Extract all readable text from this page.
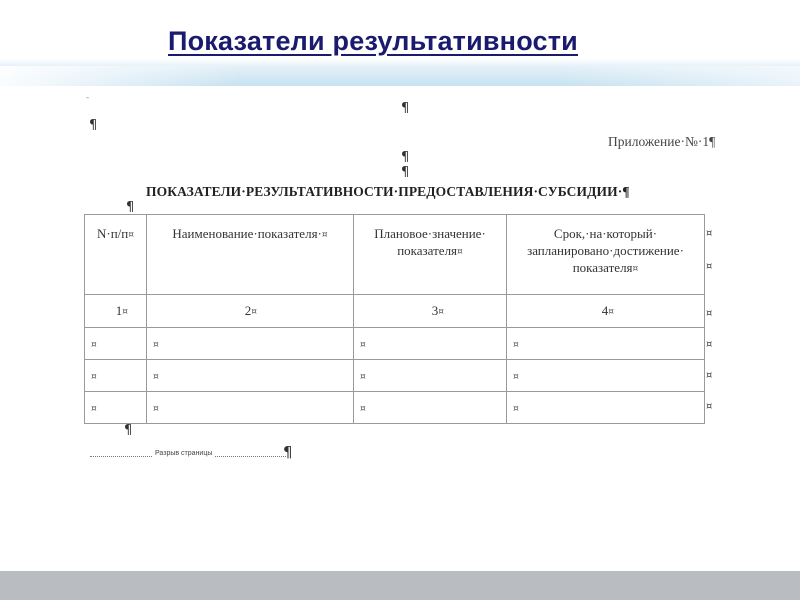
Показатели результативности
-
¶
¶
Приложение·№·1¶
¶
¶
ПОКАЗАТЕЛИ·РЕЗУЛЬТАТИВНОСТИ·ПРЕДОСТАВЛЕНИЯ·СУБСИДИИ·¶
¶
N·п/п¤	Наименование·показателя·¤	Плановое·значение· показателя¤	Срок,·на·который· запланировано·достижение· показателя¤
1¤	2¤	3¤	4¤
¤	¤	¤	¤
¤	¤	¤	¤
¤	¤	¤	¤
¤
¤
¤
¤
¤
¤
¶
Разрыв страницы	¶
